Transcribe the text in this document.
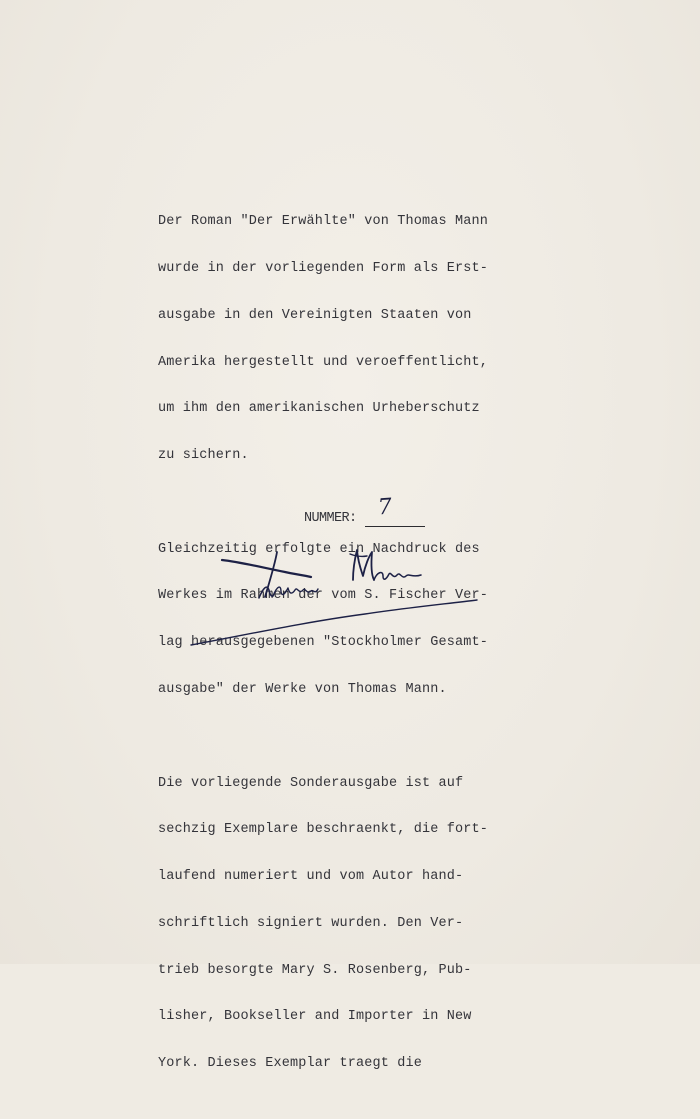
Der Roman "Der Erwählte" von Thomas Mann

wurde in der vorliegenden Form als Erst-

ausgabe in den Vereinigten Staaten von

Amerika hergestellt und veroeffentlicht,

um ihm den amerikanischen Urheberschutz

zu sichern.

Gleichzeitig erfolgte ein Nachdruck des

Werkes im Rahmen der vom S. Fischer Ver-

lag herausgegebenen "Stockholmer Gesamt-

ausgabe" der Werke von Thomas Mann.

Die vorliegende Sonderausgabe ist auf

sechzig Exemplare beschraenkt, die fort-

laufend numeriert und vom Autor hand-

schriftlich signiert wurden. Den Ver-

trieb besorgte Mary S. Rosenberg, Pub-

lisher, Bookseller and Importer in New

York. Dieses Exemplar traegt die

NUMMER:

7
